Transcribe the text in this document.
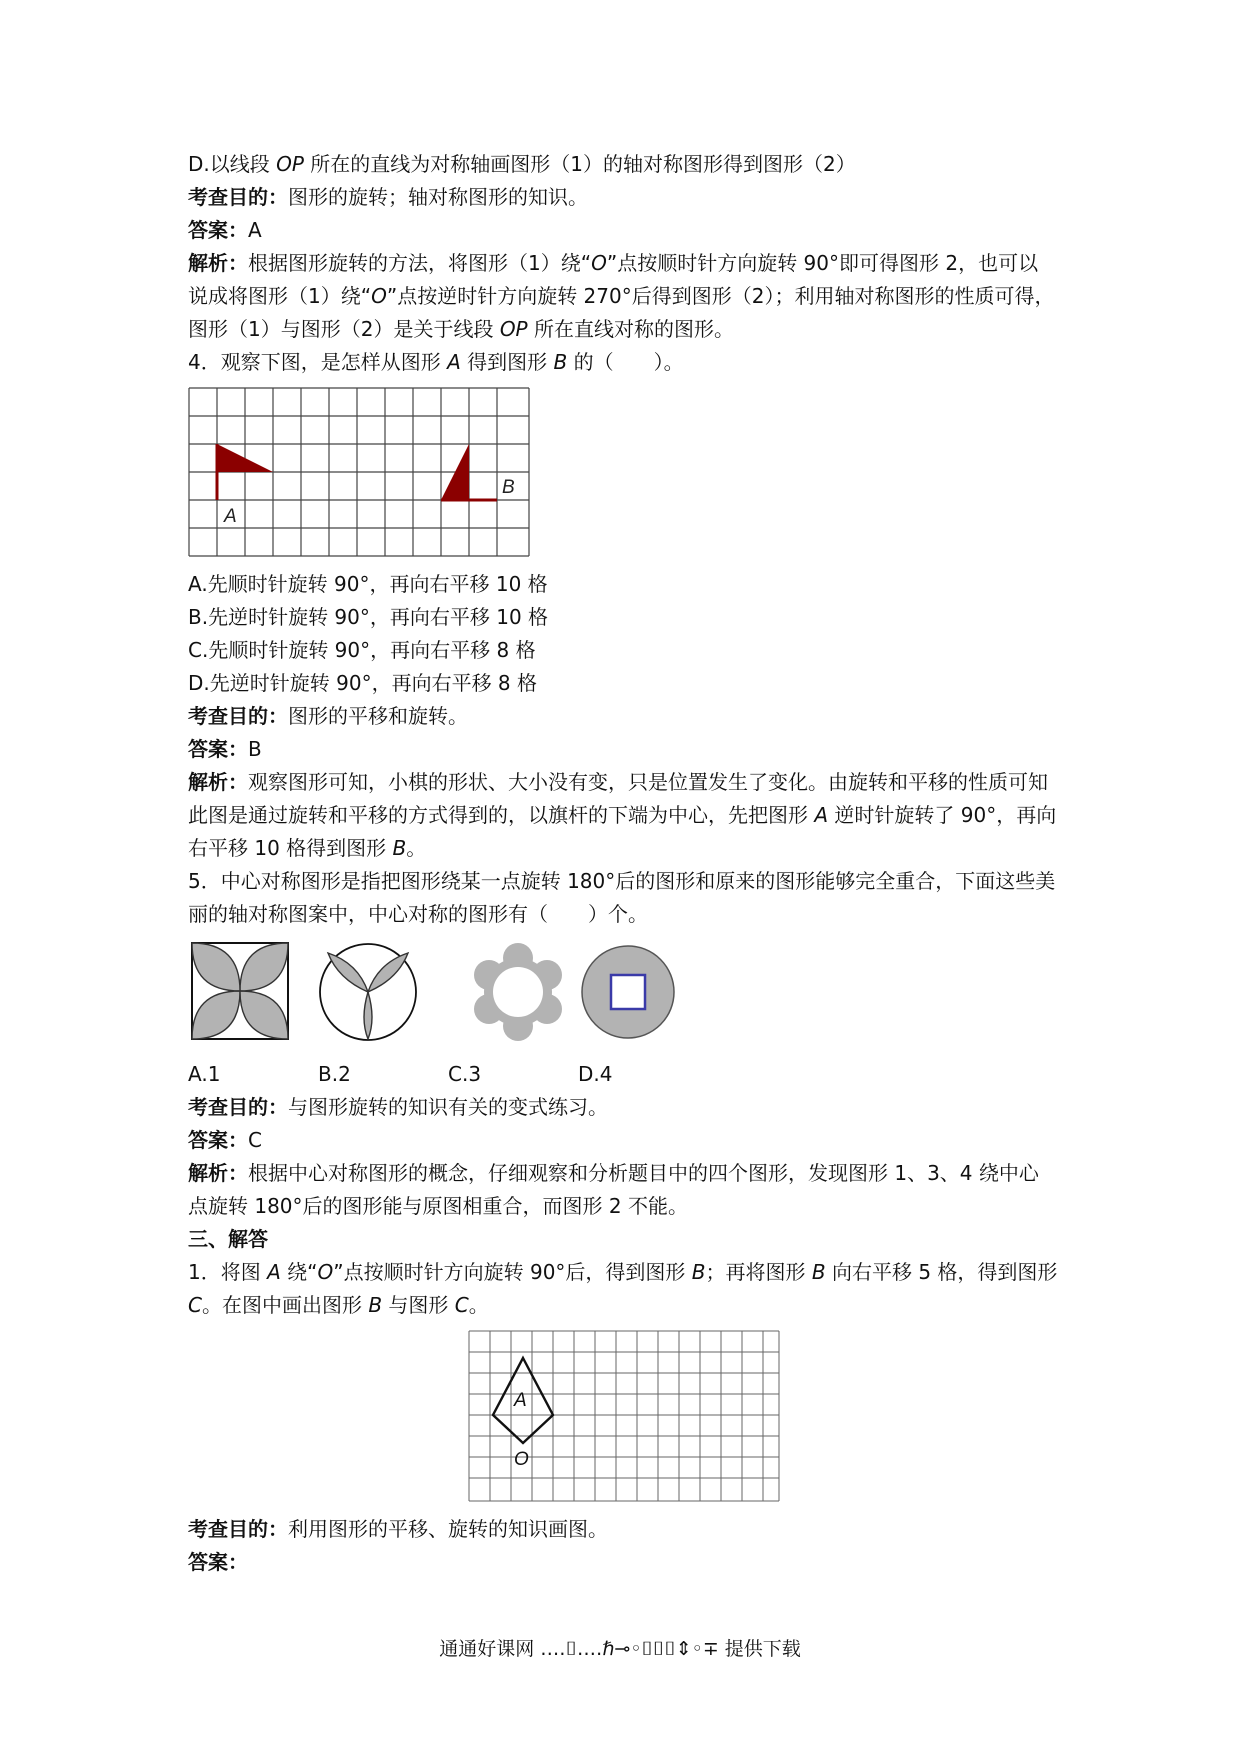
D.以线段 OP 所在的直线为对称轴画图形（1）的轴对称图形得到图形（2）
考查目的：图形的旋转；轴对称图形的知识。
答案：A
解析：根据图形旋转的方法，将图形（1）绕“O”点按顺时针方向旋转 90°即可得图形 2，也可以说成将图形（1）绕“O”点按逆时针方向旋转 270°后得到图形（2）；利用轴对称图形的性质可得，图形（1）与图形（2）是关于线段 OP 所在直线对称的图形。
4．观察下图，是怎样从图形 A 得到图形 B 的（　　）。
A
B
A.先顺时针旋转 90°，再向右平移 10 格
B.先逆时针旋转 90°，再向右平移 10 格
C.先顺时针旋转 90°，再向右平移 8 格
D.先逆时针旋转 90°，再向右平移 8 格
考查目的：图形的平移和旋转。
答案：B
解析：观察图形可知，小棋的形状、大小没有变，只是位置发生了变化。由旋转和平移的性质可知此图是通过旋转和平移的方式得到的，以旗杆的下端为中心，先把图形 A 逆时针旋转了 90°，再向右平移 10 格得到图形 B。
5．中心对称图形是指把图形绕某一点旋转 180°后的图形和原来的图形能够完全重合，下面这些美丽的轴对称图案中，中心对称的图形有（　　）个。
A.1	B.2	C.3	D.4
考查目的：与图形旋转的知识有关的变式练习。
答案：C
解析：根据中心对称图形的概念，仔细观察和分析题目中的四个图形，发现图形 1、3、4 绕中心点旋转 180°后的图形能与原图相重合，而图形 2 不能。
三、解答
1．将图 A 绕“O”点按顺时针方向旋转 90°后，得到图形 B；再将图形 B 向右平移 5 格，得到图形 C。在图中画出图形 B 与图形 C。
A
O
考查目的：利用图形的平移、旋转的知识画图。
答案：
通通好课网 ‥‥⌷‥‥ℏ⊸◦⌷⌷⌷⇕◦∓ 提供下载
